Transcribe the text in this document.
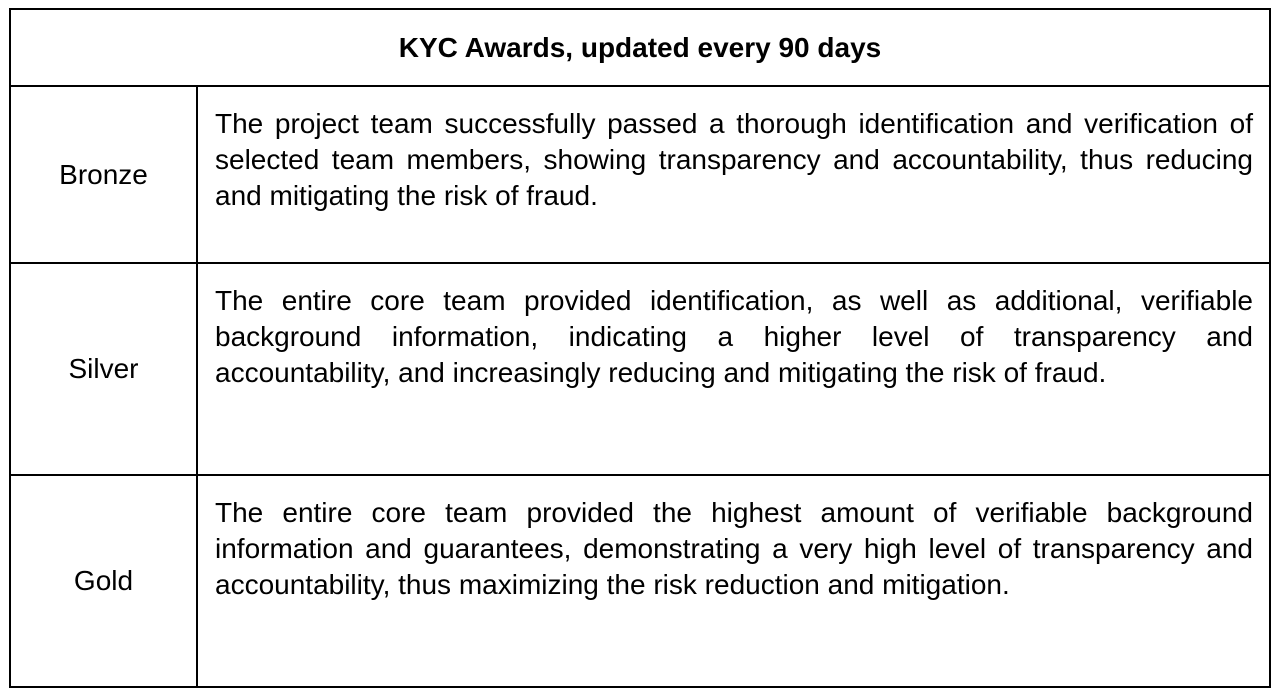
KYC Awards, updated every 90 days
Bronze

The project team successfully passed a thorough identification and verification of selected team members, showing transparency and accountability, thus reducing and mitigating the risk of fraud.

Silver

The entire core team provided identification, as well as additional, verifiable background information, indicating a higher level of transparency and accountability, and increasingly reducing and mitigating the risk of fraud.

Gold

The entire core team provided the highest amount of verifiable background information and guarantees, demonstrating a very high level of transparency and accountability, thus maximizing the risk reduction and mitigation.
